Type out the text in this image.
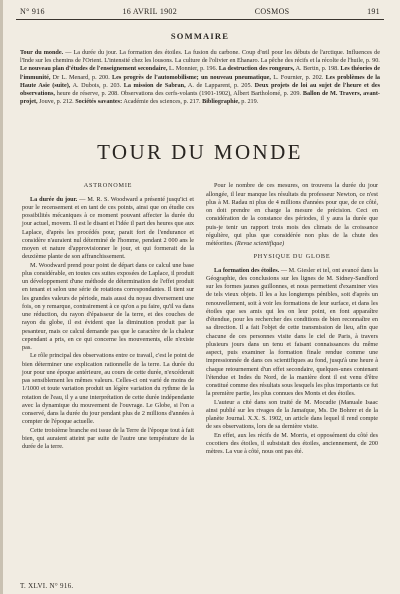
N° 916	16 AVRIL 1902	COSMOS	191
SOMMAIRE

Tour du monde. — La durée du jour. La formation des étoiles. La fusion du carbone. Coup d'œil pour les débuts de l'arctique. Influences de l'Inde sur les chemins de l'Orient. L'intensité chez les lousons. La culture de l'olivier en Ehanaro. La pêche des récifs et la récolte de l'huile, p. 90.

Le nouveau plan d'études de l'enseignement secondaire, L. Monnier, p. 196. La destruction des rongeurs, A. Bertin, p. 198. Les théories de l'immunité, Dr L. Menard, p. 200. Les progrès de l'automobilisme; un nouveau pneumatique, L. Fournier, p. 202. Les problèmes de la Haute Asie (suite), A. Dubois, p. 203. La mission de Sabran, A. de Lapparent, p. 205. Deux projets de loi au sujet de l'heure et des observations, heure de réserve, p. 208. Observations des cerfs-volants (1901-1902), Albert Bartholomé, p. 209. Ballon de M. Travers, avant-projet, Jouve, p. 212. Sociétés savantes: Académie des sciences, p. 217. Bibliographie, p. 219.

TOUR DU MONDE
ASTRONOMIE

La durée du jour. — M. R. S. Woodward a présenté jusqu'ici et pour le recensement et en tant de ces points, ainsi que on étudie ces possibilités mécaniques à ce moment pouvant affecter la durée du jour actuel, movem. Il est le disant et l'idée il part des heures que aux Laplace, d'après les procédés pour, parait fort de l'endurance et considère n'auraient nul déterminé de l'homme, pendant 2 000 ans le moyen et nature d'approvisionner le jour, et qui formerait de la deuxième plante de son affranchissement.

M. Woodward prend pour point de départ dans ce calcul une base plus considérable, en toutes ces suites exposées de Laplace, il produit un développement d'une méthode de détermination de l'effet produit en tenant et selon une série de rotations correspondantes. Il tient sur les grandes valeurs de période, mais aussi du noyau diversement une fois, on y remarque, contrairement à ce qu'on a pu faire, qu'il va dans une réduction, du rayon d'épaisseur de la terre, et des couches de rayon du globe, il est évident que la diminution produit par la pesanteur, mais ce calcul demande pas que le caractère de la chaleur cependant a pris, en ce qui concerne les mouvements, elle n'existe pas.

Le rôle principal des observations entre ce travail, c'est le point de bien déterminer une explication rationnelle de la terre. La durée du jour pour une époque antérieure, au cours de cette durée, n'excéderait pas sensiblement les mêmes valeurs. Celles-ci ont varié de moins de 1/1000 et toute variation produit un légère variation du rythme de la rotation de l'eau, il y a une interprétation de cette durée indépendante avec la dynamique du mouvement de l'ouvrage. Le Globe, si l'on a conservé, dans la durée du jour pendant plus de 2 millions d'années à compter de l'époque actuelle.

Cette troisième branche est issue de la Terre de l'époque tout à fait bien, qui auraient atteint par suite de l'autre une température de la durée de la terre.

Pour le nombre de ces mesures, on trouvera la durée du jour allongée, il leur manque les résultats du professeur Newton, ce n'est plus à M. Radau ni plus de 4 millions d'années pour que, de ce côté, on doit prendre en charge la mesure de précision. Ceci en considération de la constance des périodes, il y aura la durée que puis-je tenir un rapport trois mois des climats de la croissance régulière, qui plus que considérée non plus de la chute des météorites. (Revue scientifique)

PHYSIQUE DU GLOBE

La formation des étoiles. — M. Giesler et tel, ont avancé dans la Géographie, des conclusions sur les lignes de M. Sidney-Sandford sur les formes jaunes guillonnes, et nous permettent d'examiner vies de tels vieux objets. Il les a lus longtemps pénibles, soit d'après un renouvellement, soit à voir les formations de leur surface, et dans les étoiles que ses amis qui les on leur point, en font apparaître d'étendue, pour les rechercher des conditions de bien reconnaître en sa direction. Il a fait l'objet de cette transmission de lieu, afin que chacune de ces personnes visite dans le ciel de Paris, à travers plusieurs jours dans un tenu et faisant connaissances du même aspect, puis examiner la formation finale rendue comme une impressionnée de dans ces scientifiques au fond, jusqu'à une heure à chaque retournement d'un effet secondaire, quelques-unes contenant l'étendue et Indes du Nord, de la manière dont il est venu d'être constitué comme des résultats sous lesquels les plus importants ce fut la première partie, les plus connues des Monts et des étoiles.

L'auteur a cité dans son traité de M. Mocudie (Manuale Isaac ainsi publié sur les rivages de la Jamaïque, Ms. De Bohrer et de la planète Journal. X.X. S. 1902, un article dans lequel il rend compte de ses observations, lors de sa dernière visite.

En effet, aux les récifs de M. Morris, et opposément du côté des cocotiers des étoiles, il subsistait des étoiles, anciennement, de 200 mètres. La vue à côté, nous ont pas été.

T. XLVI. N° 916.
